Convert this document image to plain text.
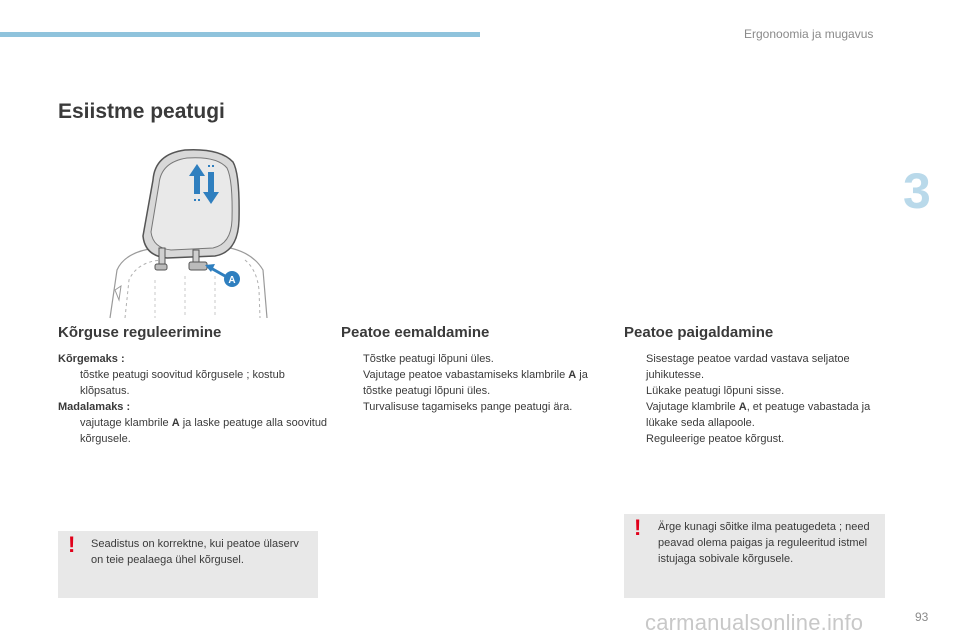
Ergonoomia ja mugavus
3
Esiistme peatugi
A
Kõrguse reguleerimine

Kõrgemaks :

tõstke peatugi soovitud kõrgusele ; kostub klõpsatus.

Madalamaks :

vajutage klambrile A ja laske peatuge alla soovitud kõrgusele.
Peatoe eemaldamine
Tõstke peatugi lõpuni üles.
Vajutage peatoe vabastamiseks klambrile A ja tõstke peatugi lõpuni üles.
Turvalisuse tagamiseks pange peatugi ära.
Peatoe paigaldamine
Sisestage peatoe vardad vastava seljatoe juhikutesse.
Lükake peatugi lõpuni sisse.
Vajutage klambrile A, et peatuge vabastada ja lükake seda allapoole.
Reguleerige peatoe kõrgust.
! Seadistus on korrektne, kui peatoe ülaserv on teie pealaega ühel kõrgusel.
! Ärge kunagi sõitke ilma peatugedeta ; need peavad olema paigas ja reguleeritud istmel istujaga sobivale kõrgusele.
carmanualsonline.info	93
